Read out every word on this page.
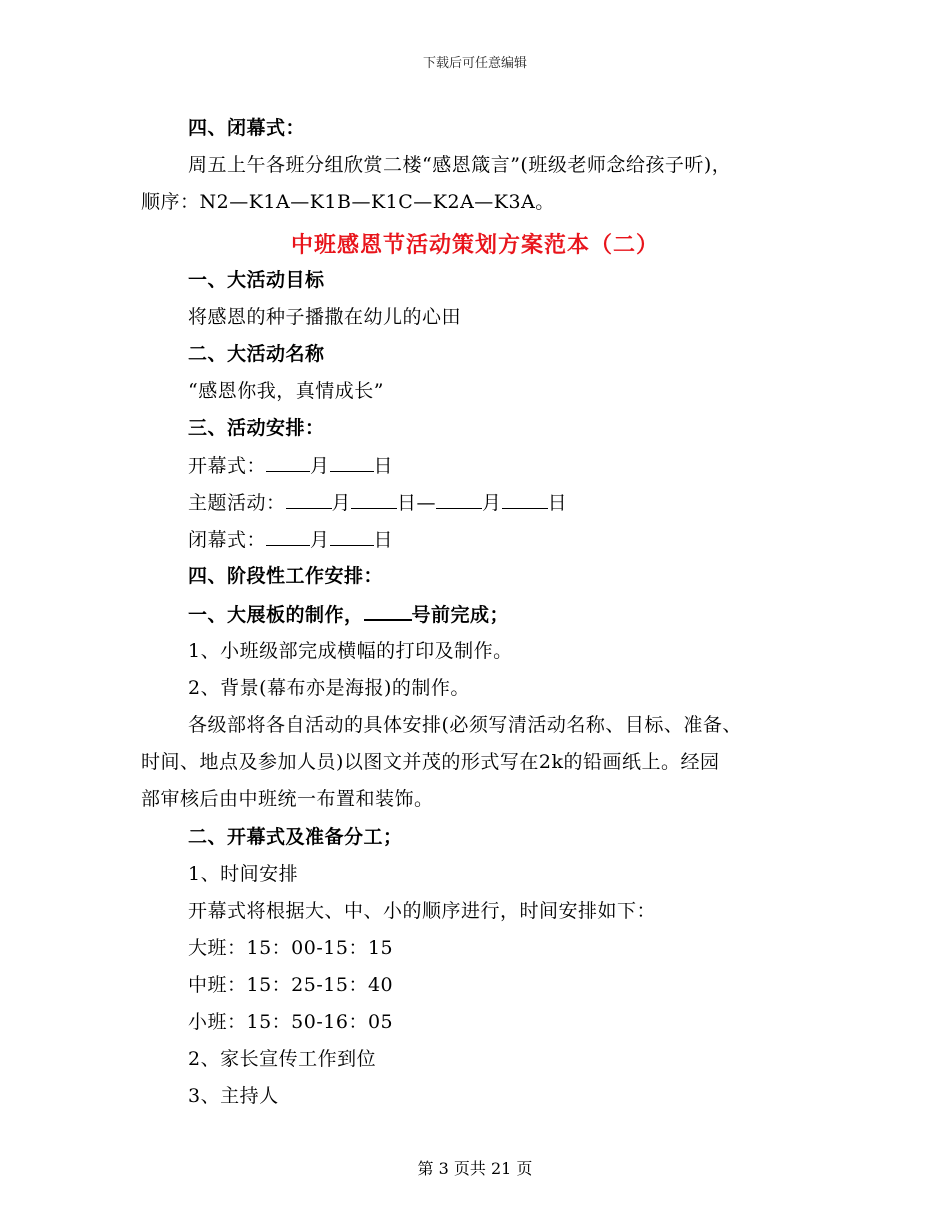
下载后可任意编辑
四、闭幕式：
周五上午各班分组欣赏二楼“感恩箴言”(班级老师念给孩子听)，
顺序：N2—K1A—K1B—K1C—K2A—K3A。
中班感恩节活动策划方案范本（二）
一、大活动目标
将感恩的种子播撒在幼儿的心田
二、大活动名称
“感恩你我，真情成长”
三、活动安排：
开幕式： 月 日
主题活动： 月 日— 月 日
闭幕式： 月 日
四、阶段性工作安排：
一、大展板的制作，	号前完成；
1、小班级部完成横幅的打印及制作。
2、背景(幕布亦是海报)的制作。
各级部将各自活动的具体安排(必须写清活动名称、目标、准备、
时间、地点及参加人员)以图文并茂的形式写在2k的铅画纸上。经园
部审核后由中班统一布置和装饰。
二、开幕式及准备分工；
1、时间安排
开幕式将根据大、中、小的顺序进行，时间安排如下：
大班：15：00-15：15
中班：15：25-15：40
小班：15：50-16：05
2、家长宣传工作到位
3、主持人
第 3 页共 21 页
